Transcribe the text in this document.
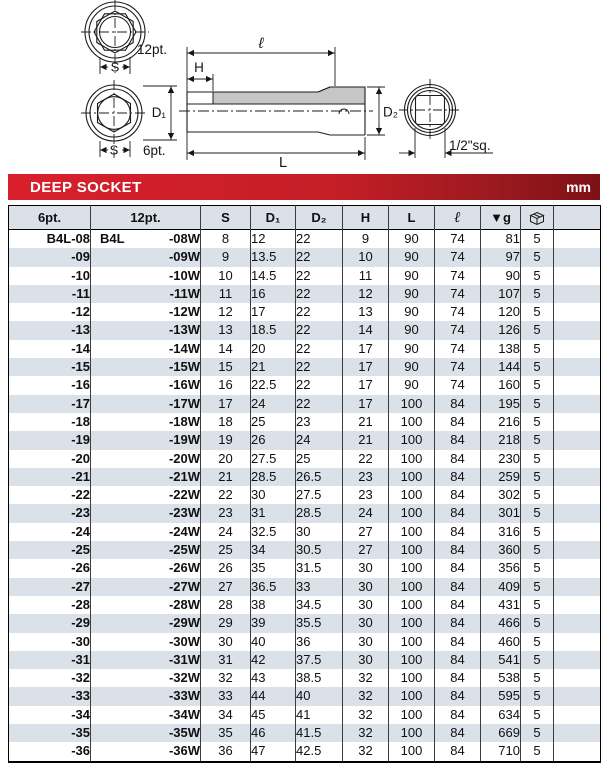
S
12pt.
S 6pt.
D₁
ℓ
H
D₂
L
1/2"sq.
DEEP SOCKET	mm
6pt.	12pt.	S	D₁	D₂	H	L	ℓ	▼g		
B4L-08	B4L -08W	8	12	22	9	90	74	81	5	
-09	-09W	9	13.5	22	10	90	74	97	5	
-10	-10W	10	14.5	22	11	90	74	90	5	
-11	-11W	11	16	22	12	90	74	107	5	
-12	-12W	12	17	22	13	90	74	120	5	
-13	-13W	13	18.5	22	14	90	74	126	5	
-14	-14W	14	20	22	17	90	74	138	5	
-15	-15W	15	21	22	17	90	74	144	5	
-16	-16W	16	22.5	22	17	90	74	160	5	
-17	-17W	17	24	22	17	100	84	195	5	
-18	-18W	18	25	23	21	100	84	216	5	
-19	-19W	19	26	24	21	100	84	218	5	
-20	-20W	20	27.5	25	22	100	84	230	5	
-21	-21W	21	28.5	26.5	23	100	84	259	5	
-22	-22W	22	30	27.5	23	100	84	302	5	
-23	-23W	23	31	28.5	24	100	84	301	5	
-24	-24W	24	32.5	30	27	100	84	316	5	
-25	-25W	25	34	30.5	27	100	84	360	5	
-26	-26W	26	35	31.5	30	100	84	356	5	
-27	-27W	27	36.5	33	30	100	84	409	5	
-28	-28W	28	38	34.5	30	100	84	431	5	
-29	-29W	29	39	35.5	30	100	84	466	5	
-30	-30W	30	40	36	30	100	84	460	5	
-31	-31W	31	42	37.5	30	100	84	541	5	
-32	-32W	32	43	38.5	32	100	84	538	5	
-33	-33W	33	44	40	32	100	84	595	5	
-34	-34W	34	45	41	32	100	84	634	5	
-35	-35W	35	46	41.5	32	100	84	669	5	
-36	-36W	36	47	42.5	32	100	84	710	5	
